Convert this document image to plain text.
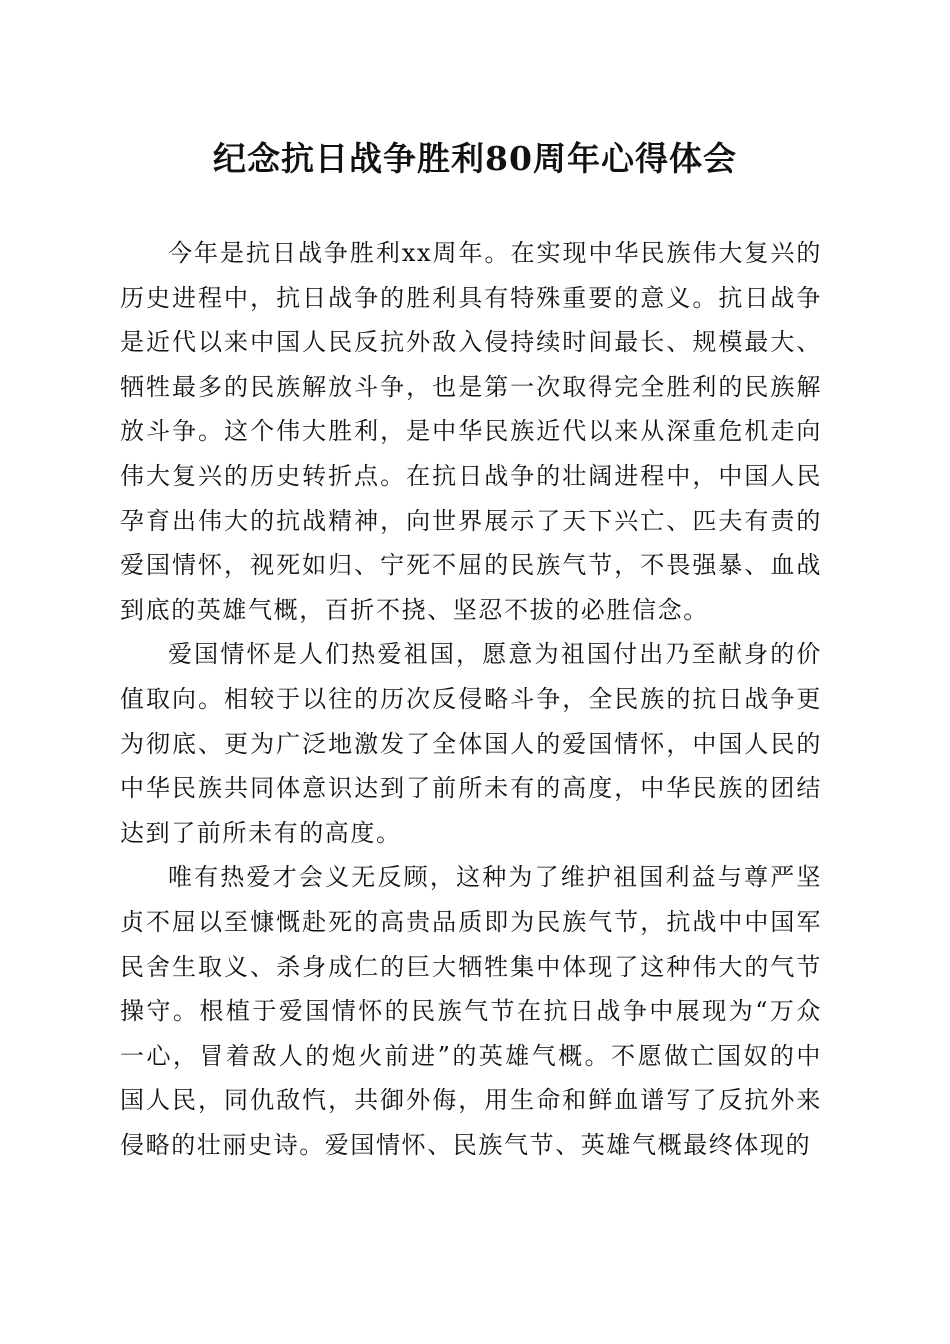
纪念抗日战争胜利80周年心得体会

今年是抗日战争胜利xx周年。在实现中华民族伟大复兴的历史进程中，抗日战争的胜利具有特殊重要的意义。抗日战争是近代以来中国人民反抗外敌入侵持续时间最长、规模最大、牺牲最多的民族解放斗争，也是第一次取得完全胜利的民族解放斗争。这个伟大胜利，是中华民族近代以来从深重危机走向伟大复兴的历史转折点。在抗日战争的壮阔进程中，中国人民孕育出伟大的抗战精神，向世界展示了天下兴亡、匹夫有责的爱国情怀，视死如归、宁死不屈的民族气节，不畏强暴、血战到底的英雄气概，百折不挠、坚忍不拔的必胜信念。

爱国情怀是人们热爱祖国，愿意为祖国付出乃至献身的价值取向。相较于以往的历次反侵略斗争，全民族的抗日战争更为彻底、更为广泛地激发了全体国人的爱国情怀，中国人民的中华民族共同体意识达到了前所未有的高度，中华民族的团结达到了前所未有的高度。

唯有热爱才会义无反顾，这种为了维护祖国利益与尊严坚贞不屈以至慷慨赴死的高贵品质即为民族气节，抗战中中国军民舍生取义、杀身成仁的巨大牺牲集中体现了这种伟大的气节操守。根植于爱国情怀的民族气节在抗日战争中展现为“万众一心，冒着敌人的炮火前进”的英雄气概。不愿做亡国奴的中国人民，同仇敌忾，共御外侮，用生命和鲜血谱写了反抗外来侵略的壮丽史诗。爱国情怀、民族气节、英雄气概最终体现的
